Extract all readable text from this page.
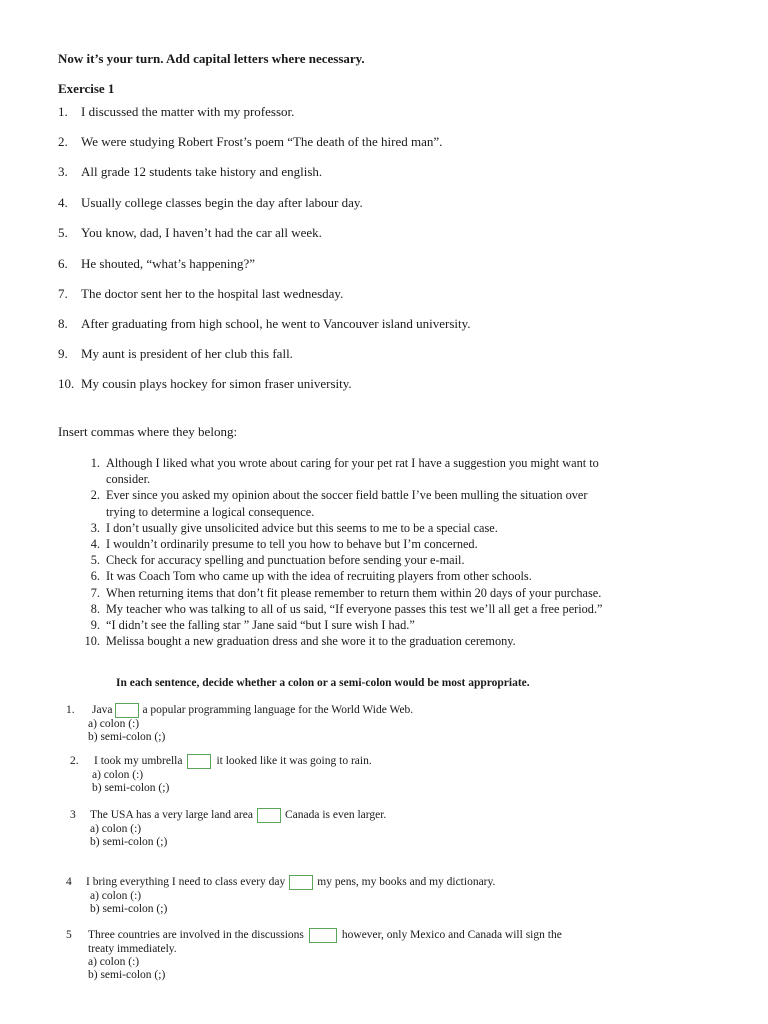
Now it’s your turn. Add capital letters where necessary.
Exercise 1
1. I discussed the matter with my professor.
2. We were studying Robert Frost’s poem “The death of the hired man”.
3. All grade 12 students take history and english.
4. Usually college classes begin the day after labour day.
5. You know, dad, I haven’t had the car all week.
6. He shouted, “what’s happening?”
7. The doctor sent her to the hospital last wednesday.
8. After graduating from high school, he went to Vancouver island university.
9. My aunt is president of her club this fall.
10. My cousin plays hockey for simon fraser university.
Insert commas where they belong:
1. Although I liked what you wrote about caring for your pet rat I have a suggestion you might want to
consider.
2. Ever since you asked my opinion about the soccer field battle I’ve been mulling the situation over
trying to determine a logical consequence.
3. I don’t usually give unsolicited advice but this seems to me to be a special case.
4. I wouldn’t ordinarily presume to tell you how to behave but I’m concerned.
5. Check for accuracy spelling and punctuation before sending your e-mail.
6. It was Coach Tom who came up with the idea of recruiting players from other schools.
7. When returning items that don’t fit please remember to return them within 20 days of your purchase.
8. My teacher who was talking to all of us said, “If everyone passes this test we’ll all get a free period.”
9. “I didn’t see the falling star ” Jane said “but I sure wish I had.”
10. Melissa bought a new graduation dress and she wore it to the graduation ceremony.
In each sentence, decide whether a colon or a semi-colon would be most appropriate.
1.	Java	a popular programming language for the World Wide Web.
a) colon (:)
b) semi-colon (;)
2.	I took my umbrella	it looked like it was going to rain.
a) colon (:)
b) semi-colon (;)
3	The USA has a very large land area	Canada is even larger.
a) colon (:)
b) semi-colon (;)
4	I bring everything I need to class every day	my pens, my books and my dictionary.
a) colon (:)
b) semi-colon (;)
5	Three countries are involved in the discussions	however, only Mexico and Canada will sign the
treaty immediately.
a) colon (:)
b) semi-colon (;)
